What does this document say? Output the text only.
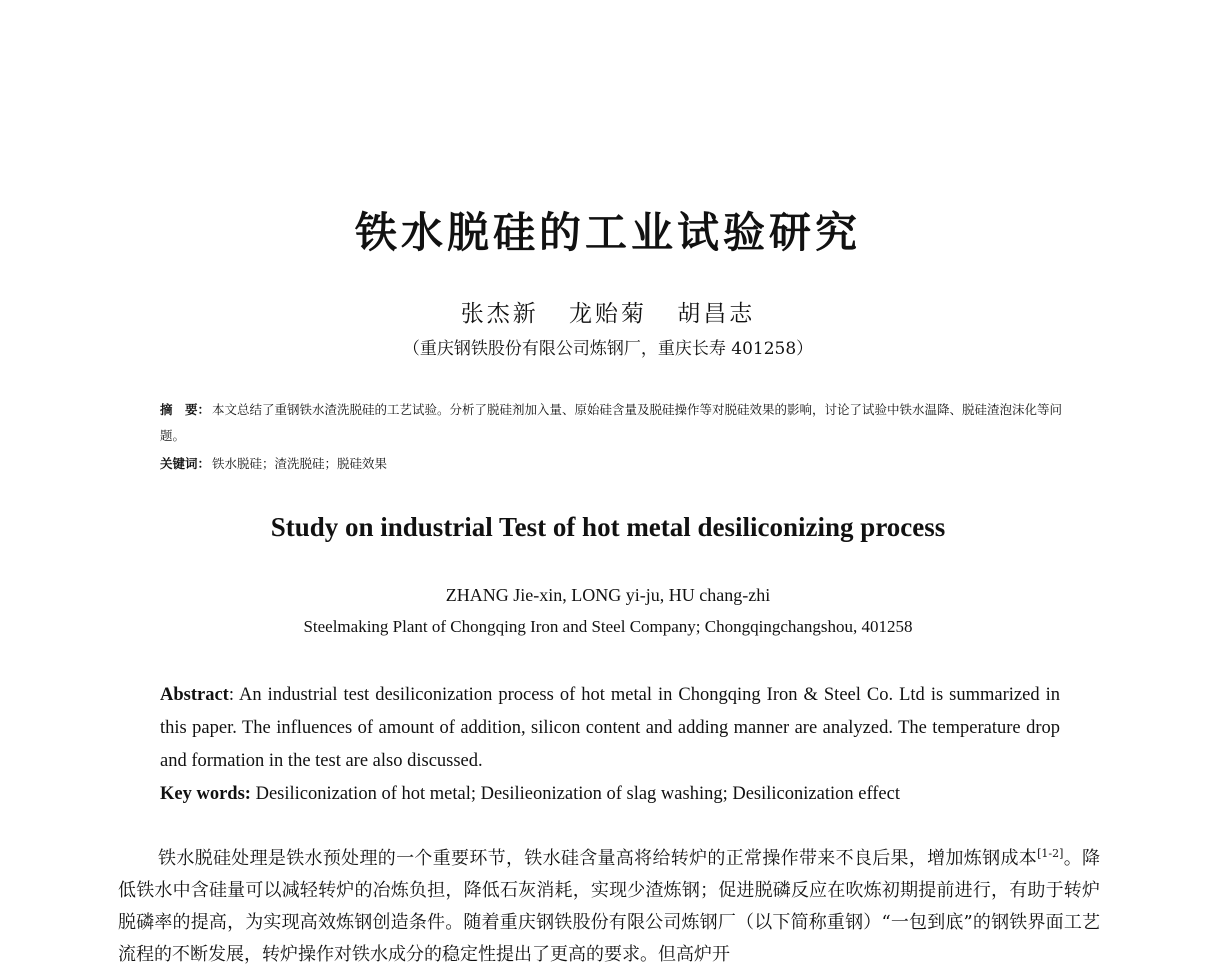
铁水脱硅的工业试验研究
张杰新 龙贻菊 胡昌志
（重庆钢铁股份有限公司炼钢厂，重庆长寿 401258）
摘　要： 本文总结了重钢铁水渣洗脱硅的工艺试验。分析了脱硅剂加入量、原始硅含量及脱硅操作等对脱硅效果的影响，讨论了试验中铁水温降、脱硅渣泡沫化等问题。
关键词： 铁水脱硅；渣洗脱硅；脱硅效果
Study on industrial Test of hot metal desiliconizing process
ZHANG Jie-xin, LONG yi-ju, HU chang-zhi
Steelmaking Plant of Chongqing Iron and Steel Company; Chongqingchangshou, 401258
Abstract: An industrial test desiliconization process of hot metal in Chongqing Iron & Steel Co. Ltd is summarized in this paper. The influences of amount of addition, silicon content and adding manner are analyzed. The temperature drop and formation in the test are also discussed.
Key words: Desiliconization of hot metal; Desilieonization of slag washing; Desiliconization effect
铁水脱硅处理是铁水预处理的一个重要环节，铁水硅含量高将给转炉的正常操作带来不良后果，增加炼钢成本[1-2]。降低铁水中含硅量可以减轻转炉的冶炼负担，降低石灰消耗，实现少渣炼钢；促进脱磷反应在吹炼初期提前进行，有助于转炉脱磷率的提高，为实现高效炼钢创造条件。随着重庆钢铁股份有限公司炼钢厂（以下简称重钢）“一包到底”的钢铁界面工艺流程的不断发展，转炉操作对铁水成分的稳定性提出了更高的要求。但高炉开
